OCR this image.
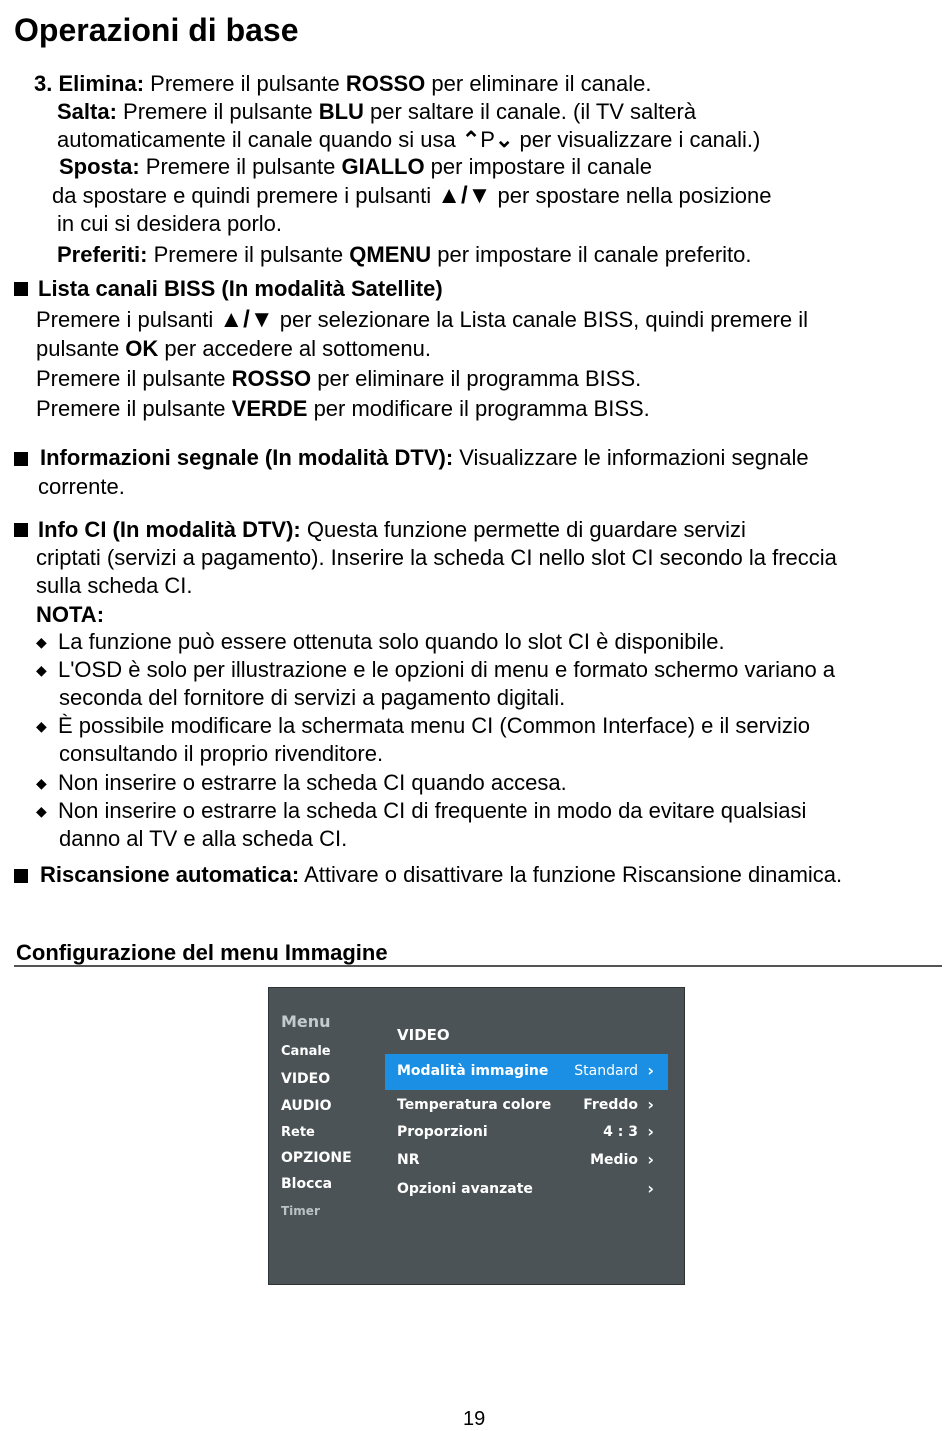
Operazioni di base
3. Elimina: Premere il pulsante ROSSO per eliminare il canale.
Salta: Premere il pulsante BLU per saltare il canale. (il TV salterà
automaticamente il canale quando si usa ⌃P⌄ per visualizzare i canali.)
Sposta: Premere il pulsante GIALLO per impostare il canale
da spostare e quindi premere i pulsanti ▲/▼ per spostare nella posizione
in cui si desidera porlo.
Preferiti: Premere il pulsante QMENU per impostare il canale preferito.
Lista canali BISS (In modalità Satellite)
Premere i pulsanti ▲/▼ per selezionare la Lista canale BISS, quindi premere il
pulsante OK per accedere al sottomenu.
Premere il pulsante ROSSO per eliminare il programma BISS.
Premere il pulsante VERDE per modificare il programma BISS.
Informazioni segnale (In modalità DTV): Visualizzare le informazioni segnale
corrente.
Info CI (In modalità DTV): Questa funzione permette di guardare servizi
criptati (servizi a pagamento). Inserire la scheda CI nello slot CI secondo la freccia
sulla scheda CI.
NOTA:
◆ La funzione può essere ottenuta solo quando lo slot CI è disponibile.
◆ L'OSD è solo per illustrazione e le opzioni di menu e formato schermo variano a
seconda del fornitore di servizi a pagamento digitali.
◆ È possibile modificare la schermata menu CI (Common Interface) e il servizio
consultando il proprio rivenditore.
◆ Non inserire o estrarre la scheda CI quando accesa.
◆ Non inserire o estrarre la scheda CI di frequente in modo da evitare qualsiasi
danno al TV e alla scheda CI.
Riscansione automatica: Attivare o disattivare la funzione Riscansione dinamica.
Configurazione del menu Immagine
Menu
Canale
VIDEO
AUDIO
Rete
OPZIONE
Blocca
Timer
VIDEO
Modalità immagine Standard ›
Temperatura colore Freddo ›
Proporzioni	4 : 3 ›
NR	Medio ›
Opzioni avanzate	›
19
